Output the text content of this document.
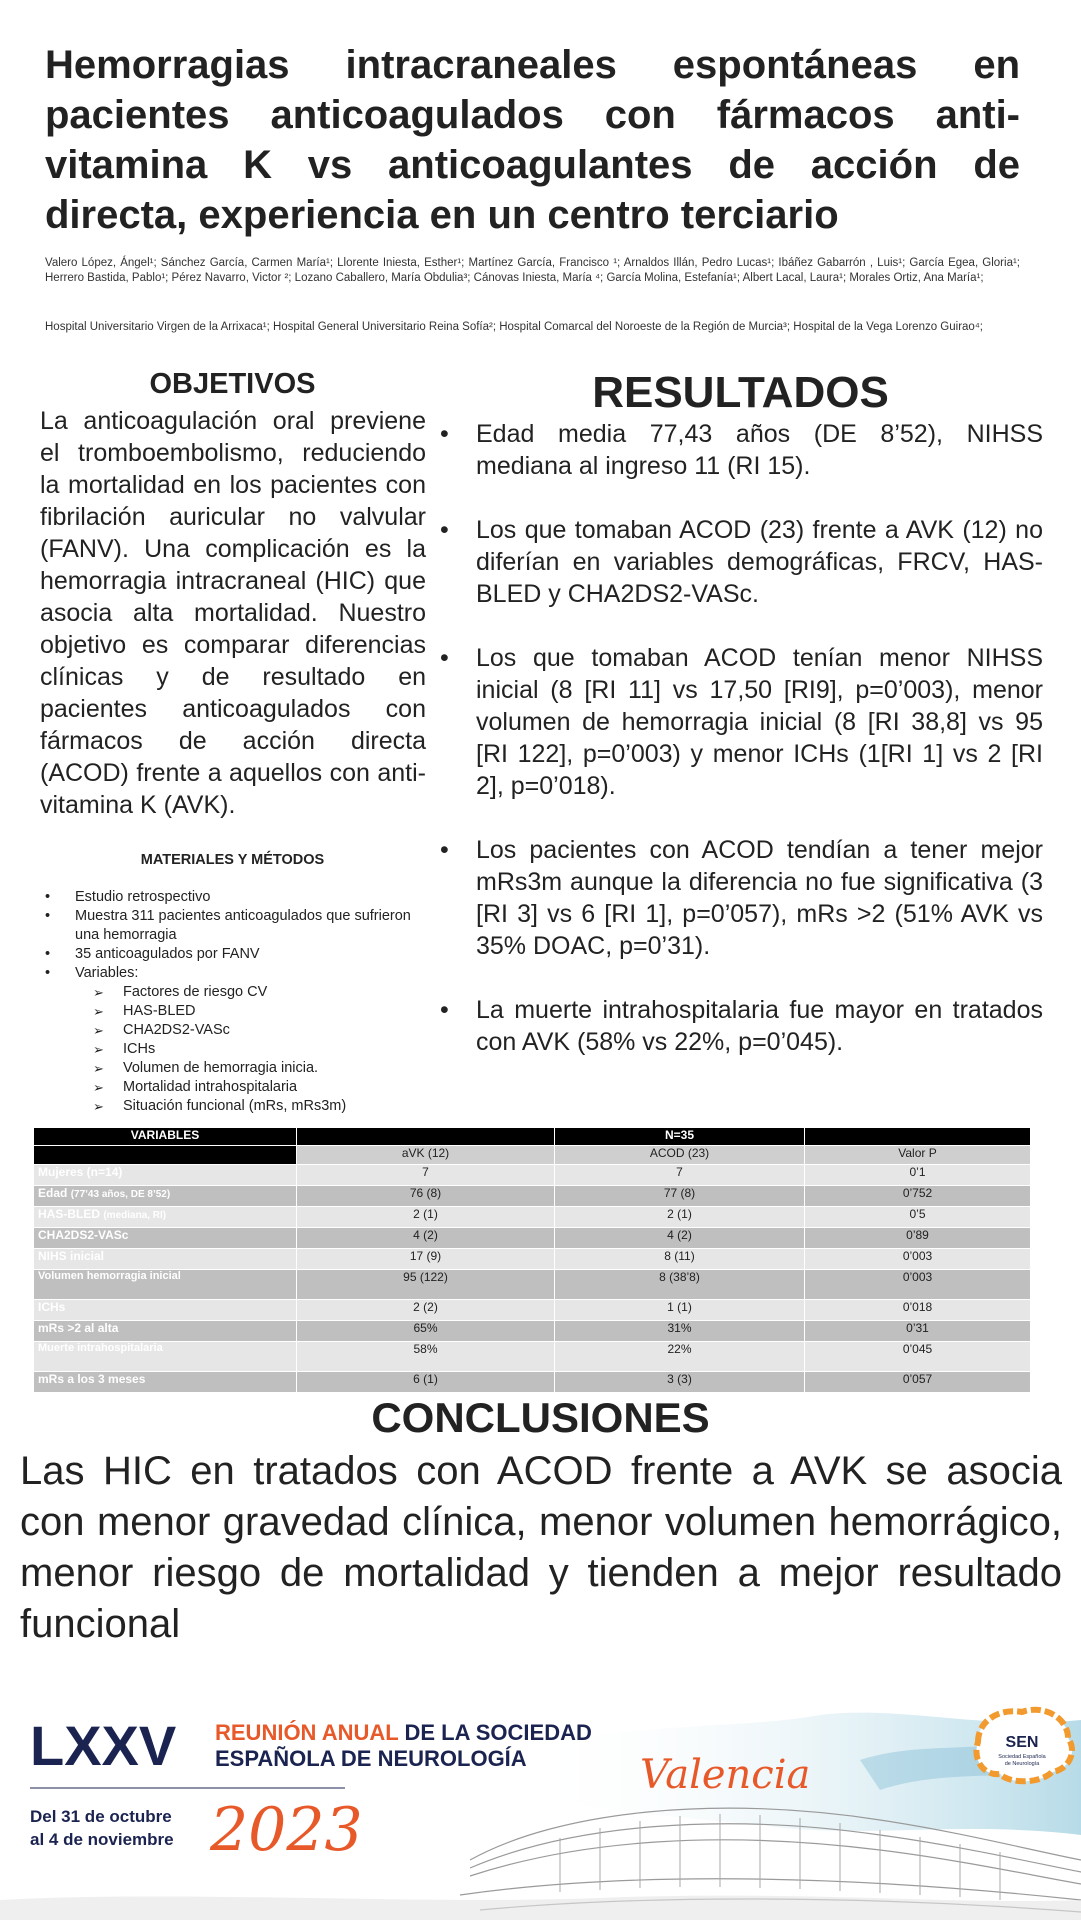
Hemorragias intracraneales espontáneas en pacientes anticoagulados con fármacos anti-vitamina K vs anticoagulantes de acción de directa, experiencia en un centro terciario
Valero López, Ángel¹; Sánchez García, Carmen María¹; Llorente Iniesta, Esther¹; Martínez García, Francisco ¹; Arnaldos Illán, Pedro Lucas¹; Ibáñez Gabarrón , Luis¹; García Egea, Gloria¹; Herrero Bastida, Pablo¹; Pérez Navarro, Victor ²; Lozano Caballero, María Obdulia³; Cánovas Iniesta, María ⁴; García Molina, Estefanía¹; Albert Lacal, Laura¹; Morales Ortiz, Ana María¹;
Hospital Universitario Virgen de la Arrixaca¹; Hospital General Universitario Reina Sofía²; Hospital Comarcal del Noroeste de la Región de Murcia³; Hospital de la Vega Lorenzo Guirao⁴;
OBJETIVOS
La anticoagulación oral previene el tromboembolismo, reduciendo la mortalidad en los pacientes con fibrilación auricular no valvular (FANV). Una complicación es la hemorragia intracraneal (HIC) que asocia alta mortalidad. Nuestro objetivo es comparar diferencias clínicas y de resultado en pacientes anticoagulados con fármacos de acción directa (ACOD) frente a aquellos con anti-vitamina K (AVK).
MATERIALES Y MÉTODOS
• Estudio retrospectivo
• Muestra 311 pacientes anticoagulados que sufrieron una hemorragia
• 35 anticoagulados por FANV
• Variables:
➢ Factores de riesgo CV
➢ HAS-BLED
➢ CHA2DS2-VASc
➢ ICHs
➢ Volumen de hemorragia inicia.
➢ Mortalidad intrahospitalaria
➢ Situación funcional (mRs, mRs3m)
RESULTADOS
• Edad media 77,43 años (DE 8’52), NIHSS mediana al ingreso 11 (RI 15).
• Los que tomaban ACOD (23) frente a AVK (12) no diferían en variables demográficas, FRCV, HAS-BLED y CHA2DS2-VASc.
• Los que tomaban ACOD tenían menor NIHSS inicial (8 [RI 11] vs 17,50 [RI9], p=0’003), menor volumen de hemorragia inicial (8 [RI 38,8] vs 95 [RI 122], p=0’003) y menor ICHs (1[RI 1] vs 2 [RI 2], p=0’018).
• Los pacientes con ACOD tendían a tener mejor mRs3m aunque la diferencia no fue significativa (3 [RI 3] vs 6 [RI 1], p=0’057), mRs >2 (51% AVK vs 35% DOAC, p=0’31).
• La muerte intrahospitalaria fue mayor en tratados con AVK (58% vs 22%, p=0’045).
VARIABLES		N=35	
	aVK (12)	ACOD (23)	Valor P
Mujeres (n=14)	7	7	0’1
Edad (77’43 años, DE 8’52)	76 (8)	77 (8)	0’752
HAS-BLED (mediana, RI)	2 (1)	2 (1)	0’5
CHA2DS2-VASc	4 (2)	4 (2)	0’89
NIHS inicial	17 (9)	8 (11)	0’003
Volumen hemorragia inicial	95 (122)	8 (38’8)	0’003
ICHs	2 (2)	1 (1)	0’018
mRs >2 al alta	65%	31%	0’31
Muerte intrahospitalaria	58%	22%	0’045
mRs a los 3 meses	6 (1)	3 (3)	0’057
CONCLUSIONES
Las HIC en tratados con ACOD frente a AVK se asocia con menor gravedad clínica, menor volumen hemorrágico, menor riesgo de mortalidad y tienden a mejor resultado funcional
LXXV REUNIÓN ANUAL DE LA SOCIEDAD
ESPAÑOLA DE NEUROLOGÍA
Del 31 de octubre
al 4 de noviembre 2023
Valencia
SEN
Sociedad Española
de Neurología
